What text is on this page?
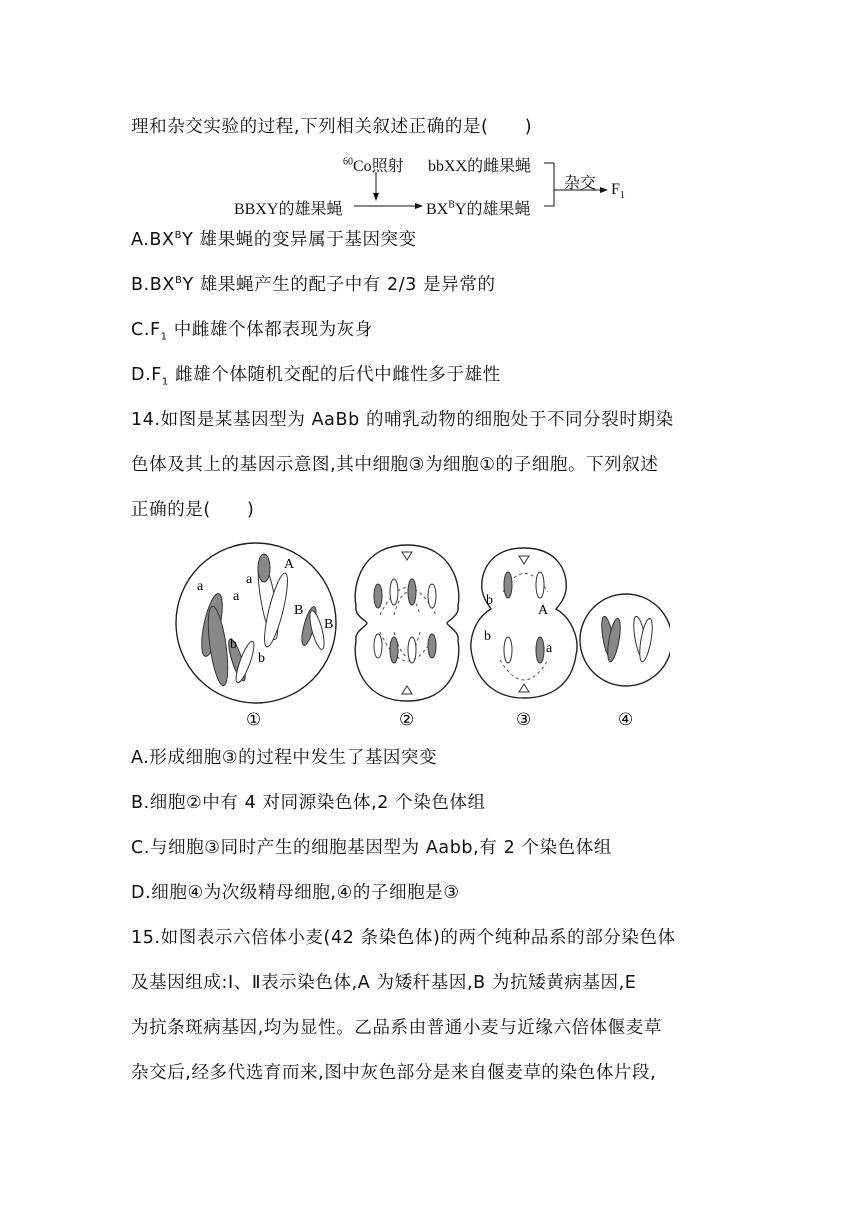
理和杂交实验的过程,下列相关叙述正确的是(　　)
$^{60}$Co照射 bbXX的雌果蝇
杂交
BBXY的雄果蝇	$BX^BY$的雄果蝇
$F_1$
$A.BX^BY$ 雄果蝇的变异属于基因突变
$B.BX^BY$ 雄果蝇产生的配子中有 2/3 是异常的
$C.F_1$ 中雌雄个体都表现为灰身
$D.F_1$ 雌雄个体随机交配的后代中雌性多于雄性
14.如图是某基因型为 AaBb 的哺乳动物的细胞处于不同分裂时期染
色体及其上的基因示意图,其中细胞③为细胞①的子细胞。下列叙述
正确的是(　　)
a
a
a
A
B
B
b
b
b
A
b
a
①	②	③	④
A.形成细胞③的过程中发生了基因突变
B.细胞②中有 4 对同源染色体,2 个染色体组
C.与细胞③同时产生的细胞基因型为 Aabb,有 2 个染色体组
D.细胞④为次级精母细胞,④的子细胞是③
15.如图表示六倍体小麦(42 条染色体)的两个纯种品系的部分染色体
及基因组成:Ⅰ、Ⅱ表示染色体,A 为矮秆基因,B 为抗矮黄病基因,E
为抗条斑病基因,均为显性。乙品系由普通小麦与近缘六倍体偃麦草
杂交后,经多代选育而来,图中灰色部分是来自偃麦草的染色体片段,
